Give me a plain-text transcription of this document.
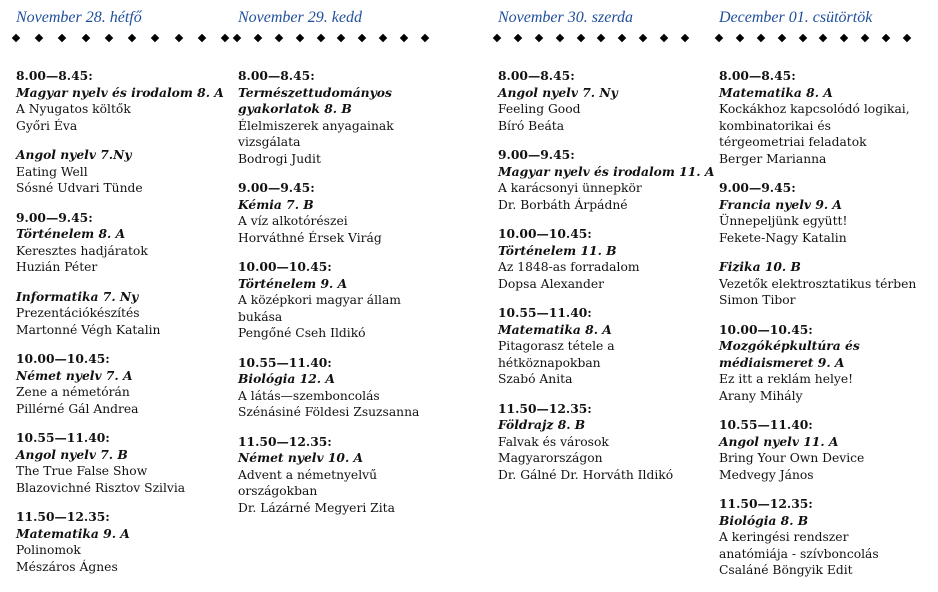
November 28. hétfő
8.00—8.45:
Magyar nyelv és irodalom 8. A
A Nyugatos költők
Győri Éva
Angol nyelv 7.Ny
Eating Well
Sósné Udvari Tünde
9.00—9.45:
Történelem 8. A
Keresztes hadjáratok
Huzián Péter
Informatika 7. Ny
Prezentációkészítés
Martonné Végh Katalin
10.00—10.45:
Német nyelv 7. A
Zene a németórán
Pillérné Gál Andrea
10.55—11.40:
Angol nyelv 7. B
The True False Show
Blazovichné Risztov Szilvia
11.50—12.35:
Matematika 9. A
Polinomok
Mészáros Ágnes
November 29. kedd
8.00—8.45:
Természettudományos
gyakorlatok 8. B
Élelmiszerek anyagainak
vizsgálata
Bodrogi Judit
9.00—9.45:
Kémia 7. B
A víz alkotórészei
Horváthné Érsek Virág
10.00—10.45:
Történelem 9. A
A középkori magyar állam
bukása
Pengőné Cseh Ildikó
10.55—11.40:
Biológia 12. A
A látás—szemboncolás
Szénásiné Földesi Zsuzsanna
11.50—12.35:
Német nyelv 10. A
Advent a németnyelvű
országokban
Dr. Lázárné Megyeri Zita
November 30. szerda
8.00—8.45:
Angol nyelv 7. Ny
Feeling Good
Bíró Beáta
9.00—9.45:
Magyar nyelv és irodalom 11. A
A karácsonyi ünnepkör
Dr. Borbáth Árpádné
10.00—10.45:
Történelem 11. B
Az 1848-as forradalom
Dopsa Alexander
10.55—11.40:
Matematika 8. A
Pitagorasz tétele a
hétköznapokban
Szabó Anita
11.50—12.35:
Földrajz 8. B
Falvak és városok
Magyarországon
Dr. Gálné Dr. Horváth Ildikó
December 01. csütörtök
8.00—8.45:
Matematika 8. A
Kockákhoz kapcsolódó logikai,
kombinatorikai és
térgeometriai feladatok
Berger Marianna
9.00—9.45:
Francia nyelv 9. A
Ünnepeljünk együtt!
Fekete-Nagy Katalin
Fizika 10. B
Vezetők elektrosztatikus térben
Simon Tibor
10.00—10.45:
Mozgóképkultúra és
médiaismeret 9. A
Ez itt a reklám helye!
Arany Mihály
10.55—11.40:
Angol nyelv 11. A
Bring Your Own Device
Medvegy János
11.50—12.35:
Biológia 8. B
A keringési rendszer
anatómiája - szívboncolás
Csaláné Böngyik Edit
